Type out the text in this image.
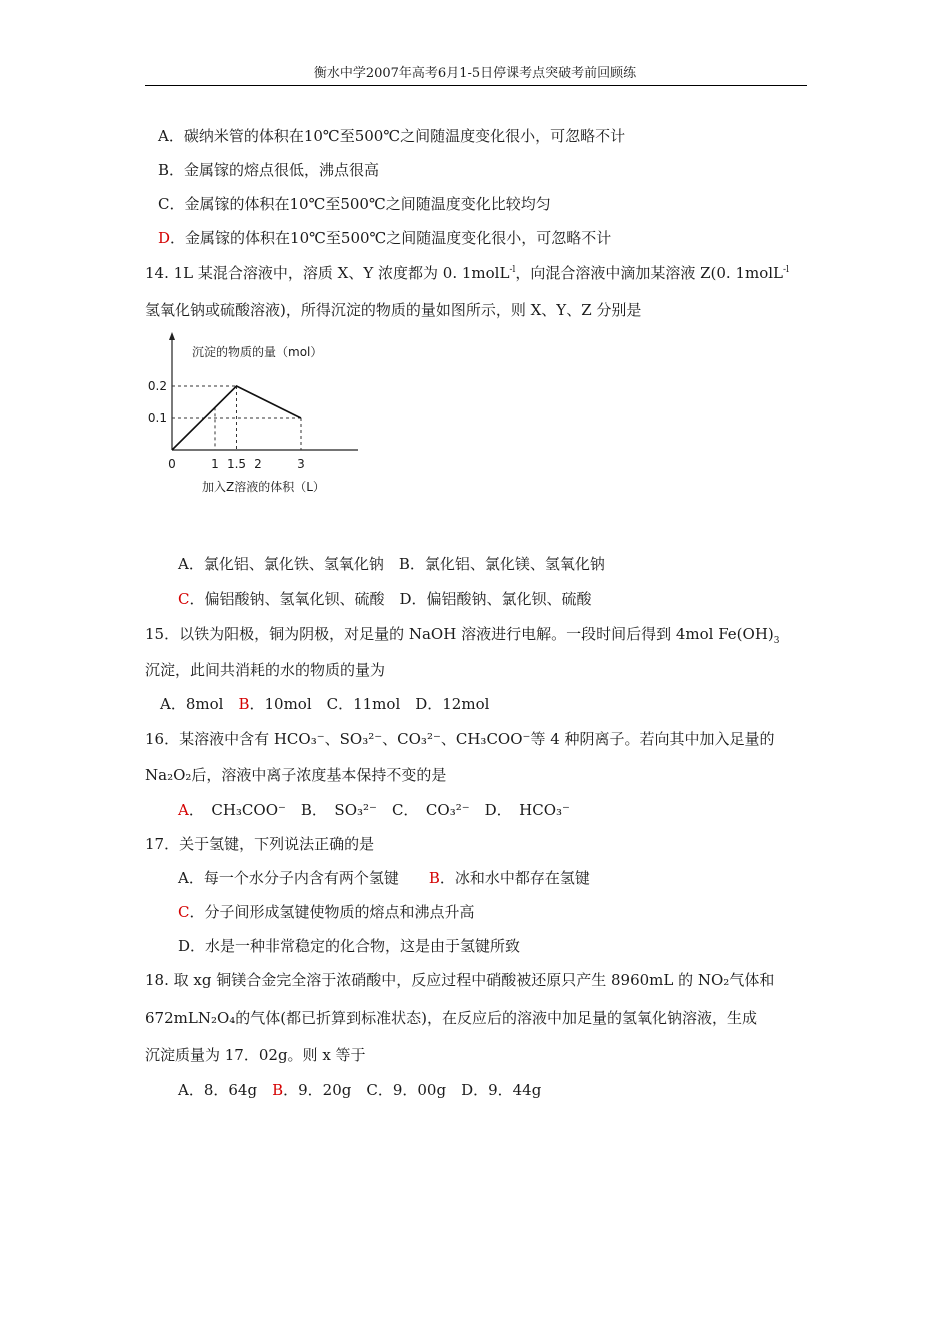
衡水中学2007年高考6月1-5日停课考点突破考前回顾练
A．碳纳米管的体积在10℃至500℃之间随温度变化很小，可忽略不计
B．金属镓的熔点很低，沸点很高
C．金属镓的体积在10℃至500℃之间随温度变化比较均匀
D．金属镓的体积在10℃至500℃之间随温度变化很小，可忽略不计
14. 1L 某混合溶液中，溶质 X、Y 浓度都为 0. 1molL$^{-l}$，向混合溶液中滴加某溶液 Z(0. 1molL$^{-l}$
氢氧化钠或硫酸溶液)，所得沉淀的物质的量如图所示，则 X、Y、Z 分别是
沉淀的物质的量（mol）
加入Z溶液的体积（L）
0	1 1.5 2	3
0.1
0.2
A．氯化铝、氯化铁、氢氧化钠　B．氯化铝、氯化镁、氢氧化钠
C．偏铝酸钠、氢氧化钡、硫酸　D．偏铝酸钠、氯化钡、硫酸
15．以铁为阳极，铜为阴极，对足量的 NaOH 溶液进行电解。一段时间后得到 4mol $Fe(OH)_3$
沉淀，此间共消耗的水的物质的量为
A．8mol　 B．10mol　C．11mol　D．12mol
16．某溶液中含有 HCO₃⁻、SO₃²⁻、CO₃²⁻、CH₃COO⁻等 4 种阴离子。若向其中加入足量的
Na₂O₂后，溶液中离子浓度基本保持不变的是
A．　CH₃COO⁻　B．　SO₃²⁻　C．　CO₃²⁻　D．　HCO₃⁻
17．关于氢键，下列说法正确的是
A．每一个水分子内含有两个氢键　　 B．冰和水中都存在氢键
C．分子间形成氢键使物质的熔点和沸点升高
D．水是一种非常稳定的化合物，这是由于氢键所致
18. 取 xg 铜镁合金完全溶于浓硝酸中，反应过程中硝酸被还原只产生 8960mL 的 NO₂气体和
672mLN₂O₄的气体(都已折算到标准状态)，在反应后的溶液中加足量的氢氧化钠溶液，生成
沉淀质量为 17．02g。则 x 等于
A．8．64g　 B．9．20g　C．9．00g　D．9．44g
